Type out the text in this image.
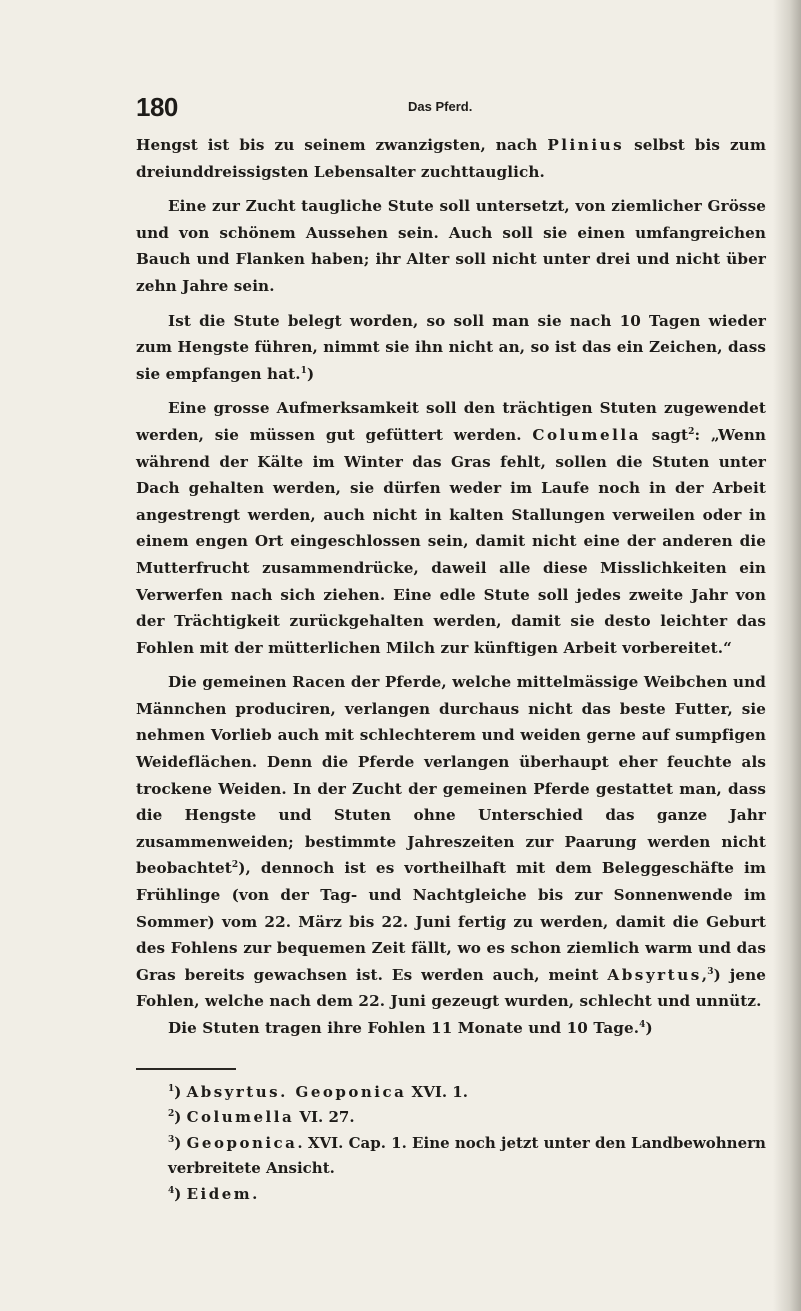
180	Das Pferd.

Hengst ist bis zu seinem zwanzigsten, nach Plinius selbst bis zum dreiunddreissigsten Lebensalter zuchttauglich.

Eine zur Zucht taugliche Stute soll untersetzt, von ziemlicher Grösse und von schönem Aussehen sein. Auch soll sie einen umfangreichen Bauch und Flanken haben; ihr Alter soll nicht unter drei und nicht über zehn Jahre sein.

Ist die Stute belegt worden, so soll man sie nach 10 Tagen wieder zum Hengste führen, nimmt sie ihn nicht an, so ist das ein Zeichen, dass sie empfangen hat.$^1$)

Eine grosse Aufmerksamkeit soll den trächtigen Stuten zugewendet werden, sie müssen gut gefüttert werden. Columella sagt$^2$: „Wenn während der Kälte im Winter das Gras fehlt, sollen die Stuten unter Dach gehalten werden, sie dürfen weder im Laufe noch in der Arbeit angestrengt werden, auch nicht in kalten Stallungen verweilen oder in einem engen Ort eingeschlossen sein, damit nicht eine der anderen die Mutterfrucht zusammendrücke, daweil alle diese Misslichkeiten ein Verwerfen nach sich ziehen. Eine edle Stute soll jedes zweite Jahr von der Trächtigkeit zurückgehalten werden, damit sie desto leichter das Fohlen mit der mütterlichen Milch zur künftigen Arbeit vorbereitet.“

Die gemeinen Racen der Pferde, welche mittelmässige Weibchen und Männchen produciren, verlangen durchaus nicht das beste Futter, sie nehmen Vorlieb auch mit schlechterem und weiden gerne auf sumpfigen Weideflächen. Denn die Pferde verlangen überhaupt eher feuchte als trockene Weiden. In der Zucht der gemeinen Pferde gestattet man, dass die Hengste und Stuten ohne Unterschied das ganze Jahr zusammenweiden; bestimmte Jahreszeiten zur Paarung werden nicht beobachtet$^2$), dennoch ist es vortheilhaft mit dem Beleggeschäfte im Frühlinge (von der Tag- und Nachtgleiche bis zur Sonnenwende im Sommer) vom 22. März bis 22. Juni fertig zu werden, damit die Geburt des Fohlens zur bequemen Zeit fällt, wo es schon ziemlich warm und das Gras bereits gewachsen ist. Es werden auch, meint Absyrtus,$^3$) jene Fohlen, welche nach dem 22. Juni gezeugt wurden, schlecht und unnütz.

Die Stuten tragen ihre Fohlen 11 Monate und 10 Tage.$^4$)

$^1$) Absyrtus. Geoponica XVI. 1.

$^2$) Columella VI. 27.

$^3$) Geoponica. XVI. Cap. 1. Eine noch jetzt unter den Landbewohnern verbreitete Ansicht.

$^4$) Eidem.
